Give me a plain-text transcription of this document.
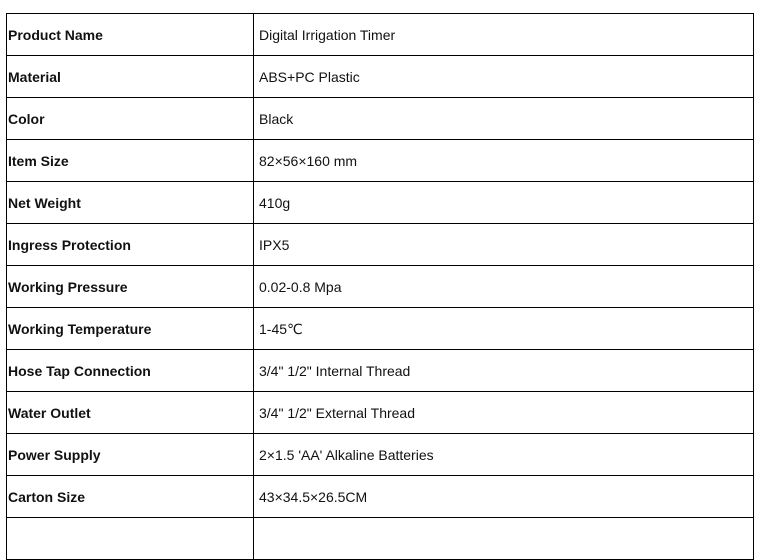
Product Name	Digital Irrigation Timer
Material	ABS+PC Plastic
Color	Black
Item Size	82×56×160 mm
Net Weight	410g
Ingress Protection	IPX5
Working Pressure	0.02-0.8 Mpa
Working Temperature	1-45℃
Hose Tap Connection	3/4" 1/2" Internal Thread
Water Outlet	3/4" 1/2" External Thread
Power Supply	2×1.5 'AA' Alkaline Batteries
Carton Size	43×34.5×26.5CM
